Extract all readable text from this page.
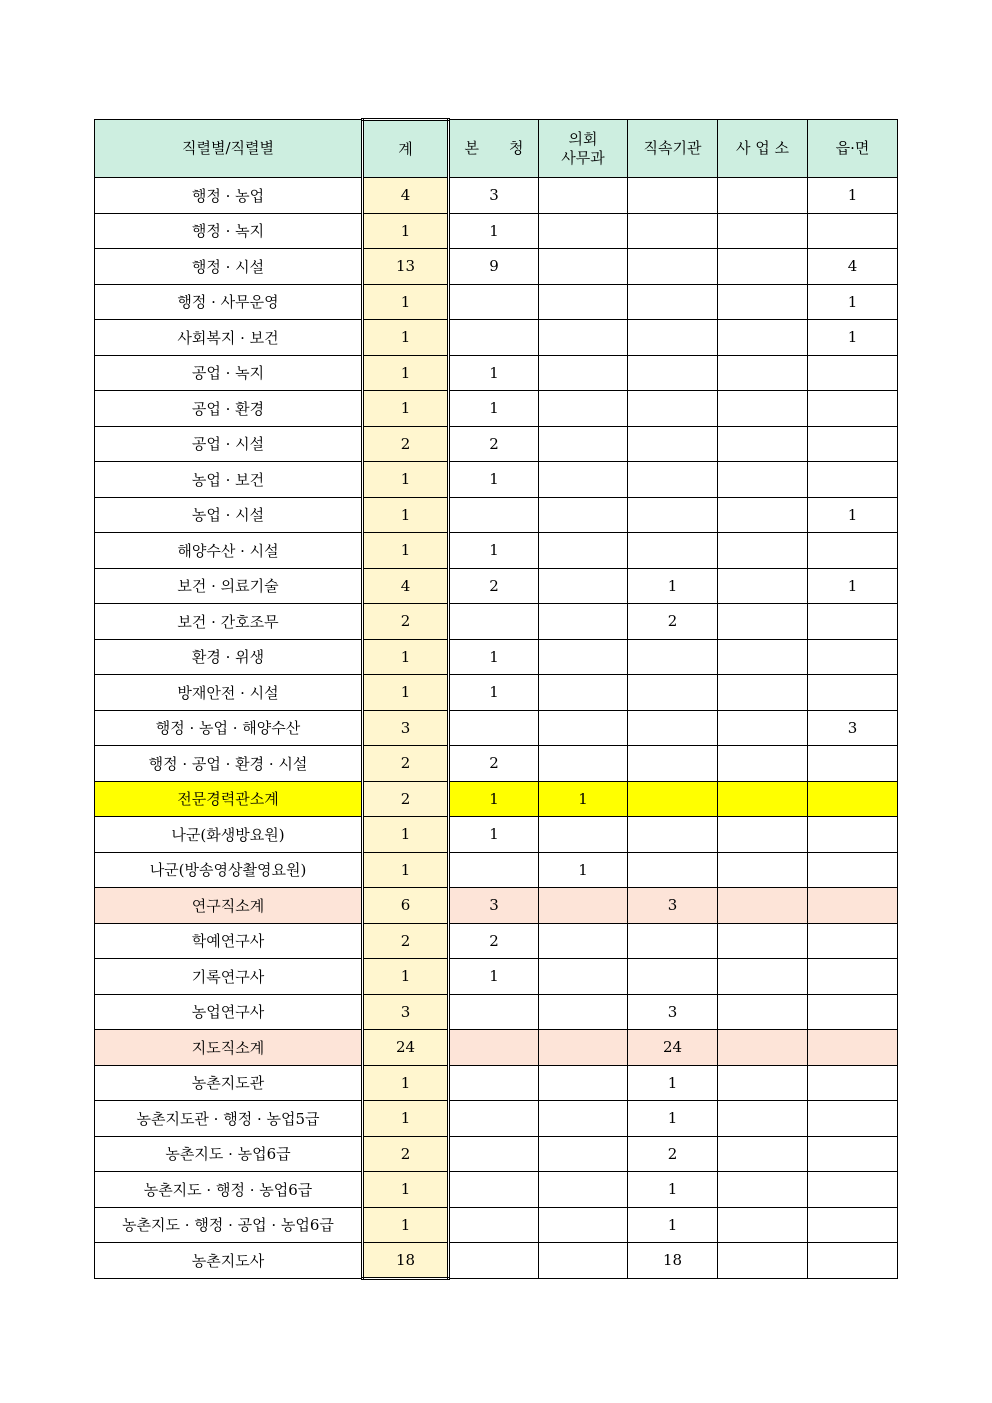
직렬별/직렬별	계	본　　청	의회
사무과	직속기관	사 업 소	읍·면
행정 · 농업	4	3				1
행정 · 녹지	1	1				
행정 · 시설	13	9				4
행정 · 사무운영	1					1
사회복지 · 보건	1					1
공업 · 녹지	1	1				
공업 · 환경	1	1				
공업 · 시설	2	2				
농업 · 보건	1	1				
농업 · 시설	1					1
해양수산 · 시설	1	1				
보건 · 의료기술	4	2		1		1
보건 · 간호조무	2			2		
환경 · 위생	1	1				
방재안전 · 시설	1	1				
행정 · 농업 · 해양수산	3					3
행정 · 공업 · 환경 · 시설	2	2				
전문경력관소계	2	1	1			
나군(화생방요원)	1	1				
나군(방송영상촬영요원)	1		1			
연구직소계	6	3		3		
학예연구사	2	2				
기록연구사	1	1				
농업연구사	3			3		
지도직소계	24			24		
농촌지도관	1			1		
농촌지도관 · 행정 · 농업5급	1			1		
농촌지도 · 농업6급	2			2		
농촌지도 · 행정 · 농업6급	1			1		
농촌지도 · 행정 · 공업 · 농업6급	1			1		
농촌지도사	18			18		
